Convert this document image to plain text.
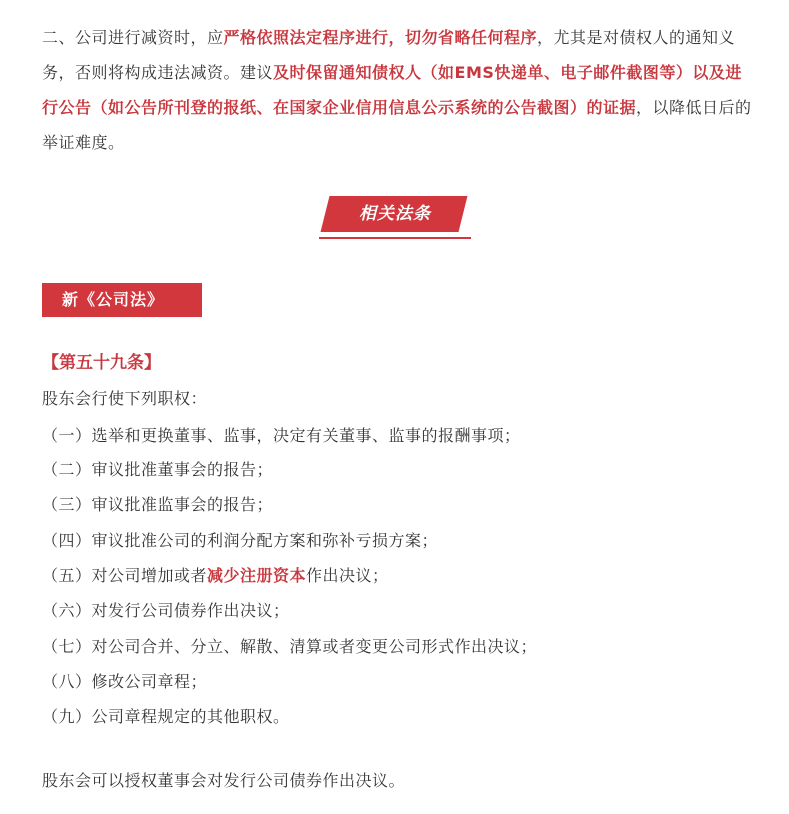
二、公司进行减资时，应严格依照法定程序进行，切勿省略任何程序，尤其是对债权人的通知义务，否则将构成违法减资。建议及时保留通知债权人（如EMS快递单、电子邮件截图等）以及进行公告（如公告所刊登的报纸、在国家企业信用信息公示系统的公告截图）的证据，以降低日后的举证难度。

相关法条
新《公司法》
【第五十九条】
股东会行使下列职权：
（一）选举和更换董事、监事，决定有关董事、监事的报酬事项；
（二）审议批准董事会的报告；
（三）审议批准监事会的报告；
（四）审议批准公司的利润分配方案和弥补亏损方案；
（五）对公司增加或者减少注册资本作出决议；
（六）对发行公司债券作出决议；
（七）对公司合并、分立、解散、清算或者变更公司形式作出决议；
（八）修改公司章程；
（九）公司章程规定的其他职权。
股东会可以授权董事会对发行公司债券作出决议。
